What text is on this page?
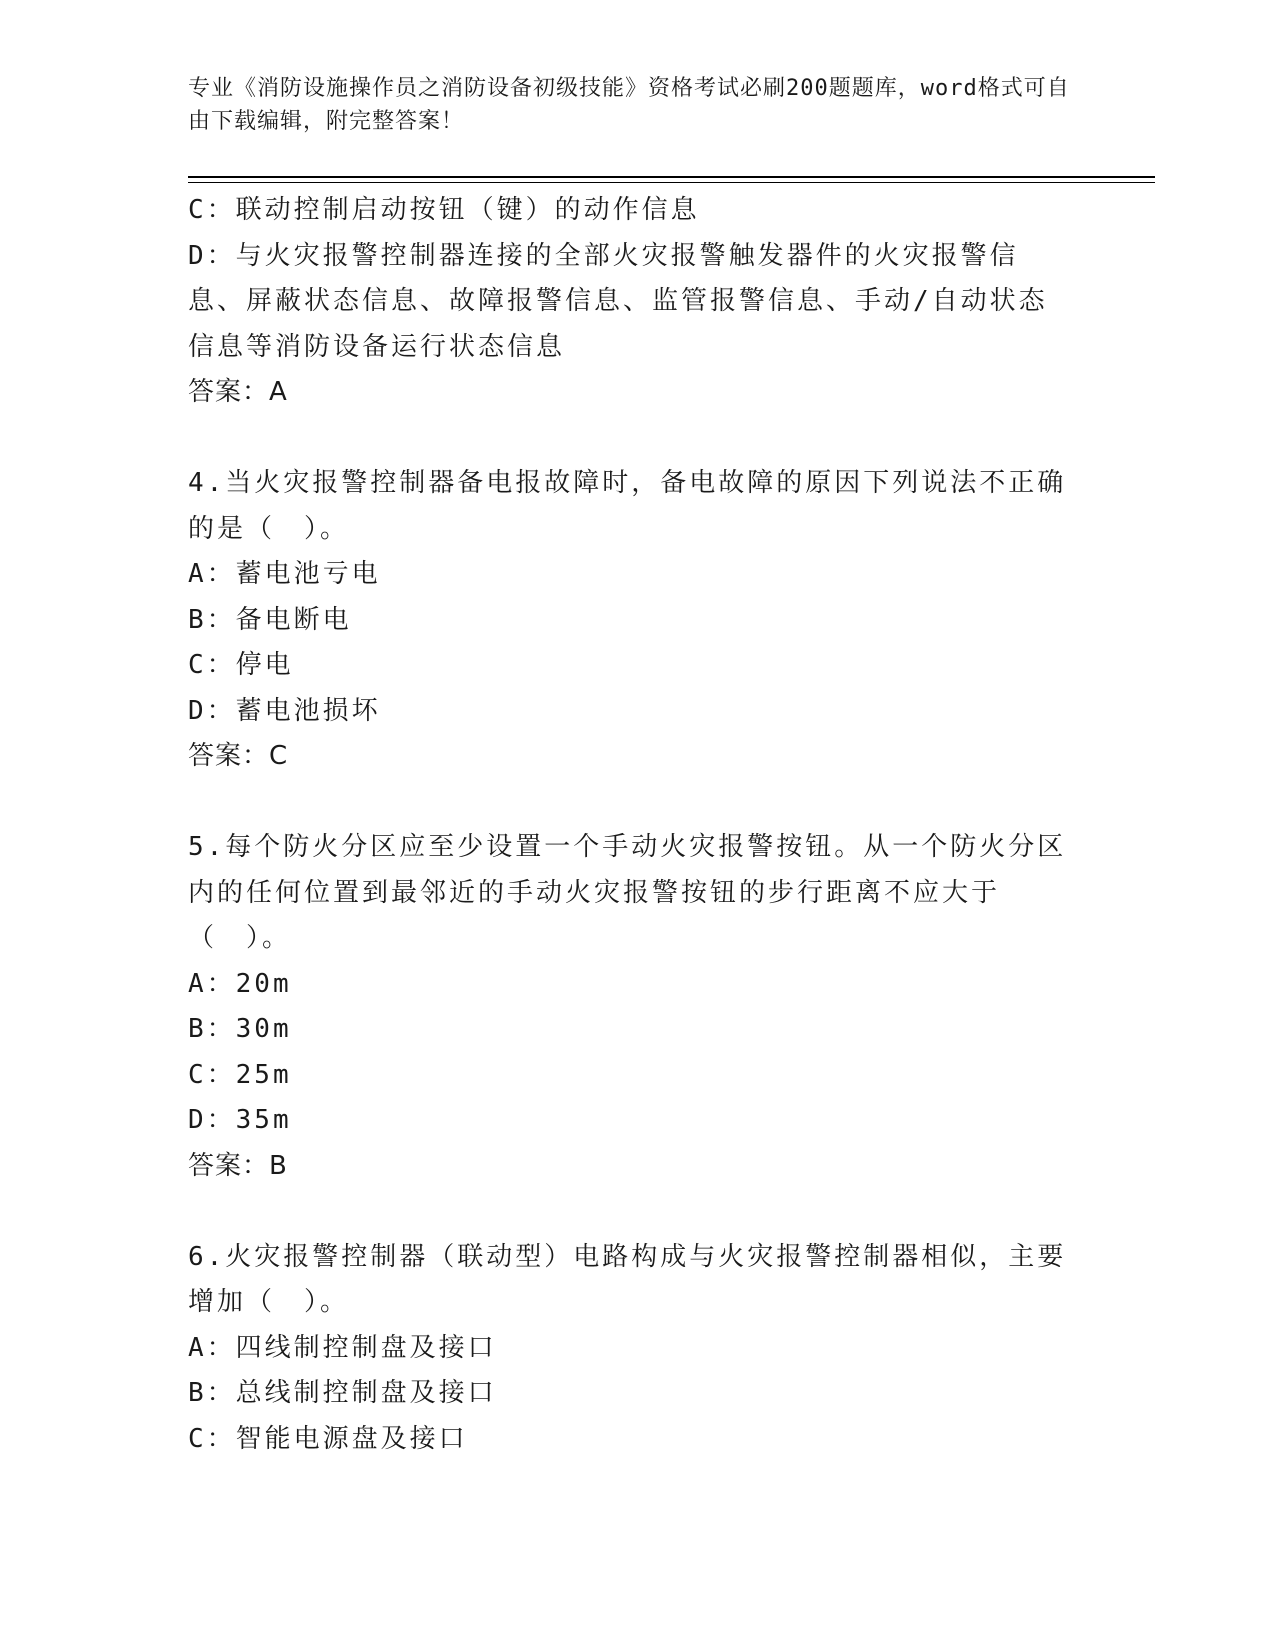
专业《消防设施操作员之消防设备初级技能》资格考试必刷200题题库，word格式可自由下载编辑，附完整答案！
C：联动控制启动按钮（键）的动作信息
D：与火灾报警控制器连接的全部火灾报警触发器件的火灾报警信息、屏蔽状态信息、故障报警信息、监管报警信息、手动/自动状态信息等消防设备运行状态信息
答案：A
4.当火灾报警控制器备电报故障时，备电故障的原因下列说法不正确的是（　）。
A：蓄电池亏电
B：备电断电
C：停电
D：蓄电池损坏
答案：C
5.每个防火分区应至少设置一个手动火灾报警按钮。从一个防火分区内的任何位置到最邻近的手动火灾报警按钮的步行距离不应大于（　）。
A：20m
B：30m
C：25m
D：35m
答案：B
6.火灾报警控制器（联动型）电路构成与火灾报警控制器相似，主要增加（　）。
A：四线制控制盘及接口
B：总线制控制盘及接口
C：智能电源盘及接口
